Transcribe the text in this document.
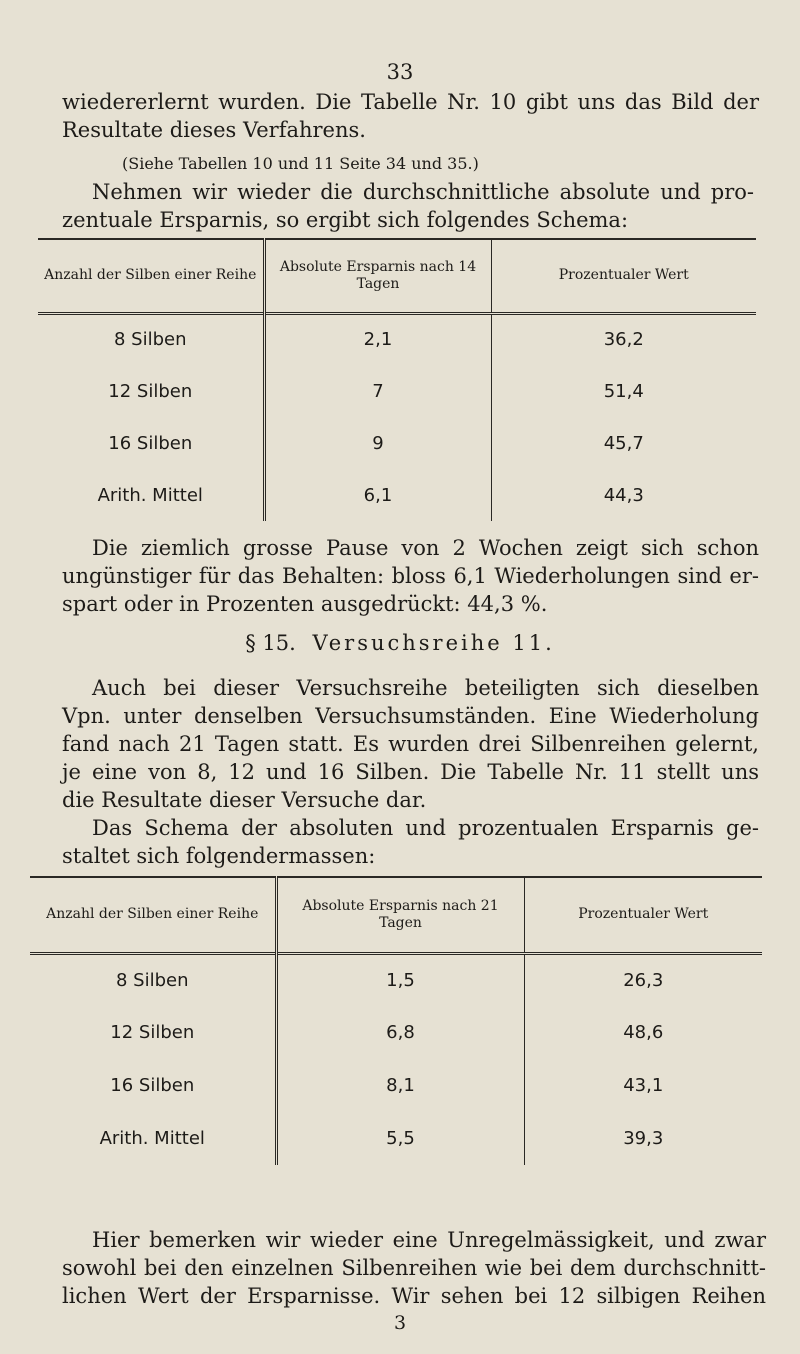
33
wiedererlernt wurden. Die Tabelle Nr. 10 gibt uns das Bild der
Resultate dieses Verfahrens.
(Siehe Tabellen 10 und 11 Seite 34 und 35.)
Nehmen wir wieder die durchschnittliche absolute und pro-
zentuale Ersparnis, so ergibt sich folgendes Schema:
Anzahl der Silben einer Reihe	Absolute Ersparnis nach 14 Tagen	Prozentualer Wert
8 Silben	2,1	36,2
12 Silben	7	51,4
16 Silben	9	45,7
Arith. Mittel	6,1	44,3
Die ziemlich grosse Pause von 2 Wochen zeigt sich schon
ungünstiger für das Behalten: bloss 6,1 Wiederholungen sind er-
spart oder in Prozenten ausgedrückt: 44,3 %.
§ 15. Versuchsreihe 11.
Auch bei dieser Versuchsreihe beteiligten sich dieselben
Vpn. unter denselben Versuchsumständen. Eine Wiederholung
fand nach 21 Tagen statt. Es wurden drei Silbenreihen gelernt,
je eine von 8, 12 und 16 Silben. Die Tabelle Nr. 11 stellt uns
die Resultate dieser Versuche dar.
Das Schema der absoluten und prozentualen Ersparnis ge-
staltet sich folgendermassen:
Anzahl der Silben einer Reihe	Absolute Ersparnis nach 21 Tagen	Prozentualer Wert
8 Silben	1,5	26,3
12 Silben	6,8	48,6
16 Silben	8,1	43,1
Arith. Mittel	5,5	39,3
Hier bemerken wir wieder eine Unregelmässigkeit, und zwar
sowohl bei den einzelnen Silbenreihen wie bei dem durchschnitt-
lichen Wert der Ersparnisse. Wir sehen bei 12 silbigen Reihen
3
